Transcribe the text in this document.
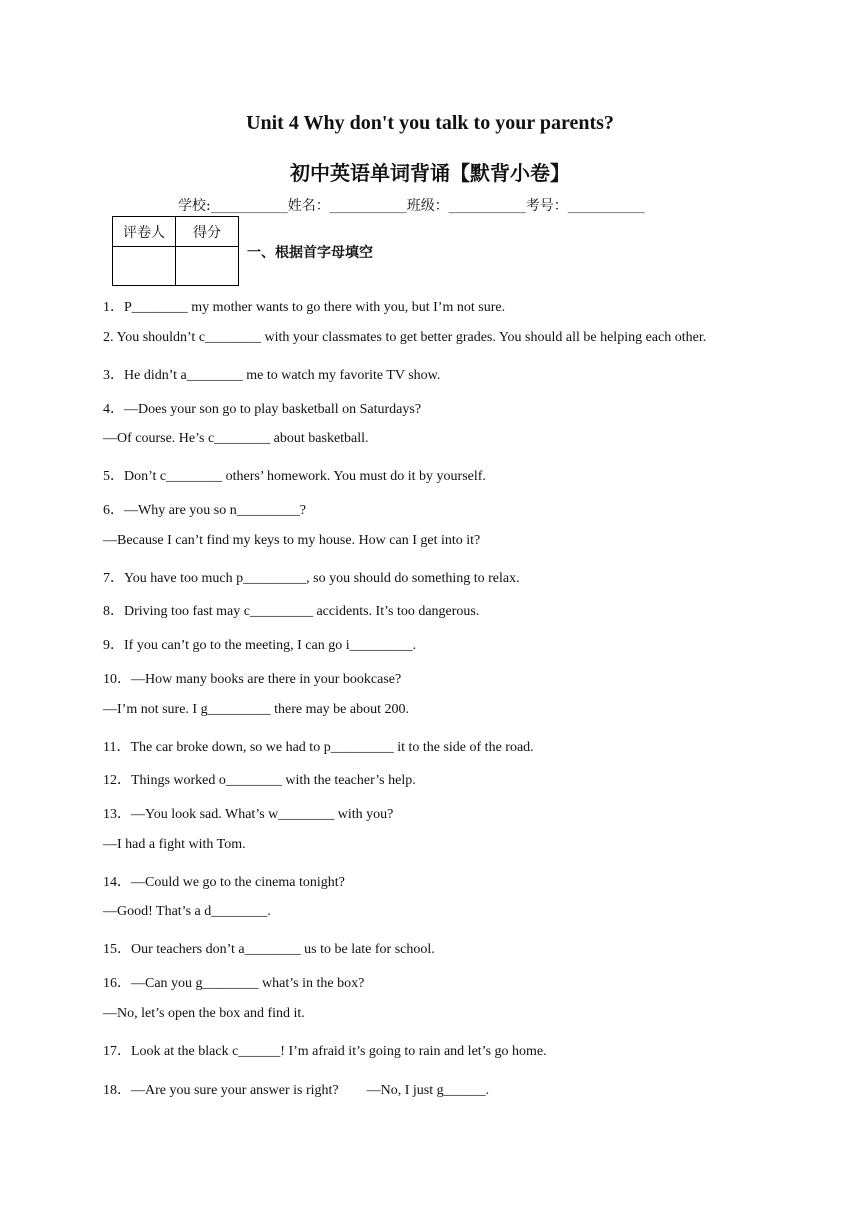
Unit 4 Why don't you talk to your parents?
初中英语单词背诵【默背小卷】
学校:___________姓名：___________班级：___________考号：___________
评卷人	得分

一、根据首字母填空
1．P________ my mother wants to go there with you, but I’m not sure.
2. You shouldn’t c________ with your classmates to get better grades. You should all be helping each other.
3．He didn’t a________ me to watch my favorite TV show.
4．—Does your son go to play basketball on Saturdays?
—Of course. He’s c________ about basketball.
5．Don’t c________ others’ homework. You must do it by yourself.
6．—Why are you so n_________?
—Because I can’t find my keys to my house. How can I get into it?
7．You have too much p_________, so you should do something to relax.
8．Driving too fast may c_________ accidents. It’s too dangerous.
9．If you can’t go to the meeting, I can go i_________.
10．—How many books are there in your bookcase?
—I’m not sure. I g_________ there may be about 200.
11．The car broke down, so we had to p_________ it to the side of the road.
12．Things worked o________ with the teacher’s help.
13．—You look sad. What’s w________ with you?
—I had a fight with Tom.
14．—Could we go to the cinema tonight?
—Good! That’s a d________.
15．Our teachers don’t a________ us to be late for school.
16．—Can you g________ what’s in the box?
—No, let’s open the box and find it.
17．Look at the black c______! I’m afraid it’s going to rain and let’s go home.
18．—Are you sure your answer is right?　　—No, I just g______.
